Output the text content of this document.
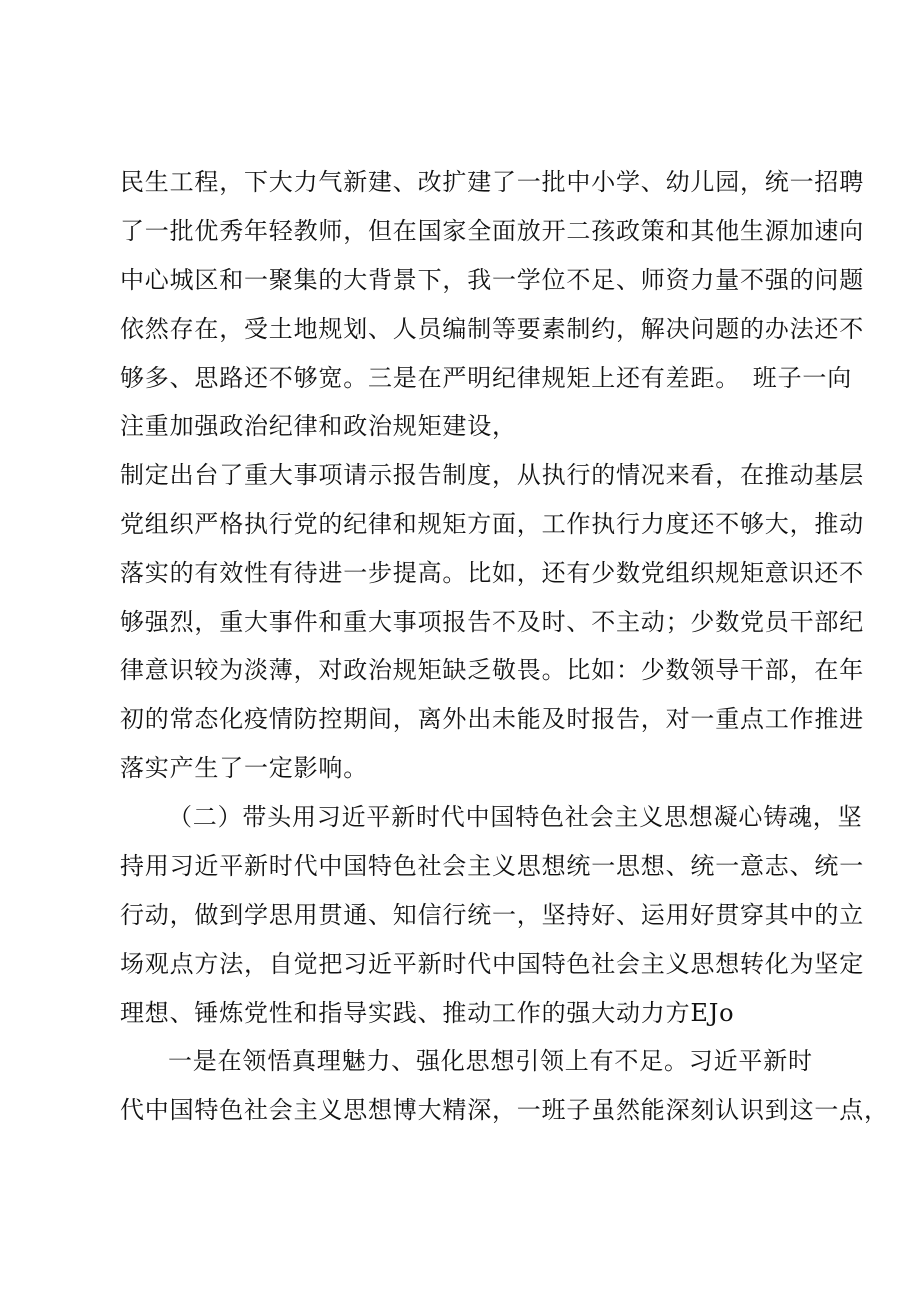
民生工程，下大力气新建、改扩建了一批中小学、幼儿园，统一招聘
了一批优秀年轻教师，但在国家全面放开二孩政策和其他生源加速向
中心城区和一聚集的大背景下，我一学位不足、师资力量不强的问题
依然存在，受土地规划、人员编制等要素制约，解决问题的办法还不
够多、思路还不够宽。三是在严明纪律规矩上还有差距。　班子一向
注重加强政治纪律和政治规矩建设，
制定出台了重大事项请示报告制度，从执行的情况来看，在推动基层
党组织严格执行党的纪律和规矩方面，工作执行力度还不够大，推动
落实的有效性有待进一步提高。比如，还有少数党组织规矩意识还不
够强烈，重大事件和重大事项报告不及时、不主动；少数党员干部纪
律意识较为淡薄，对政治规矩缺乏敬畏。比如：少数领导干部，在年
初的常态化疫情防控期间，离外出未能及时报告，对一重点工作推进
落实产生了一定影响。
（二）带头用习近平新时代中国特色社会主义思想凝心铸魂，坚
持用习近平新时代中国特色社会主义思想统一思想、统一意志、统一
行动，做到学思用贯通、知信行统一，坚持好、运用好贯穿其中的立
场观点方法，自觉把习近平新时代中国特色社会主义思想转化为坚定
理想、锤炼党性和指导实践、推动工作的强大动力方EJo
一是在领悟真理魅力、强化思想引领上有不足。习近平新时
代中国特色社会主义思想博大精深，一班子虽然能深刻认识到这一点，
